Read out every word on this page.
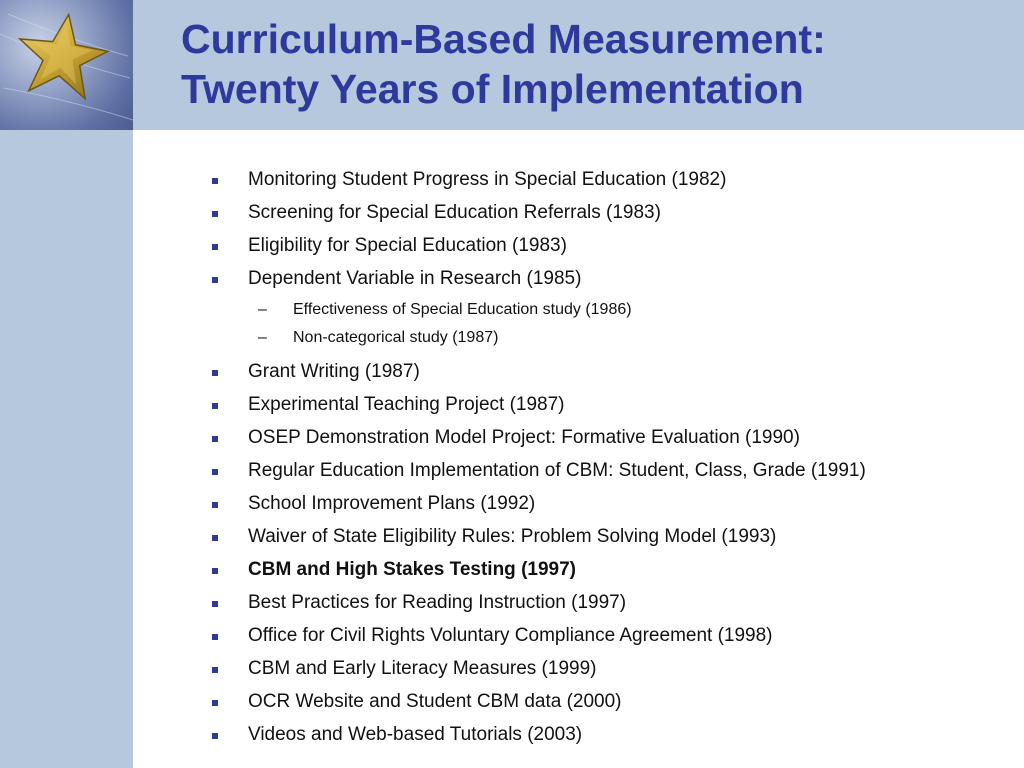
Curriculum-Based Measurement:
Twenty Years of Implementation
Monitoring Student Progress in Special Education (1982)
Screening for Special Education Referrals (1983)
Eligibility for Special Education (1983)
Dependent Variable in Research (1985)
– Effectiveness of Special Education study (1986)
– Non-categorical study (1987)
Grant Writing (1987)
Experimental Teaching Project (1987)
OSEP Demonstration Model Project: Formative Evaluation (1990)
Regular Education Implementation of CBM: Student, Class, Grade (1991)
School Improvement Plans (1992)
Waiver of State Eligibility Rules: Problem Solving Model (1993)
CBM and High Stakes Testing (1997)
Best Practices for Reading Instruction (1997)
Office for Civil Rights Voluntary Compliance Agreement (1998)
CBM and Early Literacy Measures (1999)
OCR Website and Student CBM data (2000)
Videos and Web-based Tutorials (2003)
